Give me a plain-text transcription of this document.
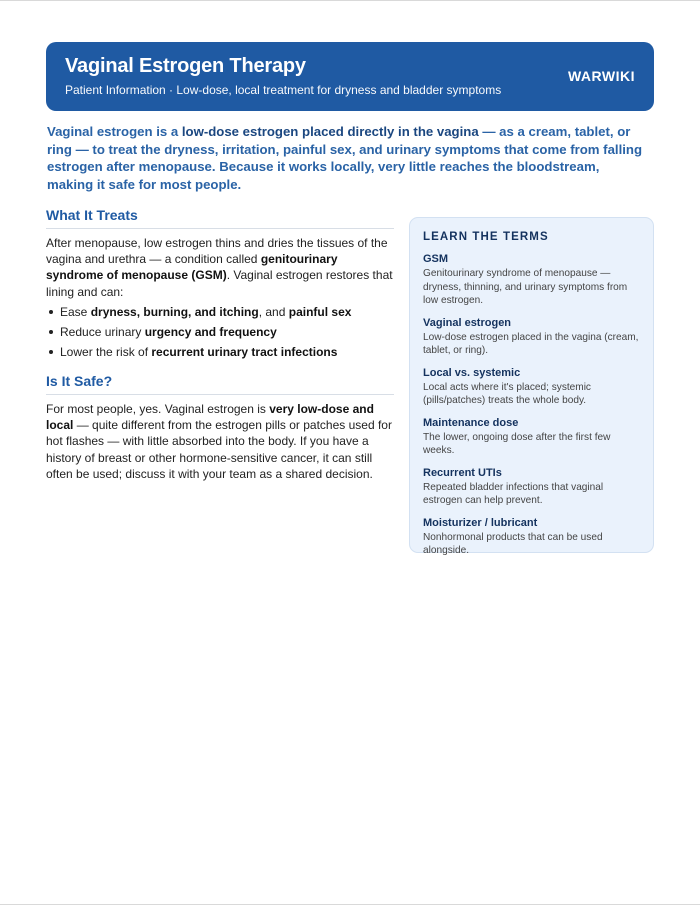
Vaginal Estrogen Therapy
Patient Information · Low-dose, local treatment for dryness and bladder symptoms
WARWIKI

Vaginal estrogen is a low-dose estrogen placed directly in the vagina — as a cream, tablet, or ring — to treat the dryness, irritation, painful sex, and urinary symptoms that come from falling estrogen after menopause. Because it works locally, very little reaches the bloodstream, making it safe for most people.

What It Treats

After menopause, low estrogen thins and dries the tissues of the vagina and urethra — a condition called genitourinary syndrome of menopause (GSM). Vaginal estrogen restores that lining and can:

Ease dryness, burning, and itching, and painful sex
Reduce urinary urgency and frequency
Lower the risk of recurrent urinary tract infections
Is It Safe?

For most people, yes. Vaginal estrogen is very low-dose and local — quite different from the estrogen pills or patches used for hot flashes — with little absorbed into the body. If you have a history of breast or other hormone-sensitive cancer, it can still often be used; discuss it with your team as a shared decision.

LEARN THE TERMS
GSM
Genitourinary syndrome of menopause — dryness, thinning, and urinary symptoms from low estrogen.
Vaginal estrogen
Low-dose estrogen placed in the vagina (cream, tablet, or ring).
Local vs. systemic
Local acts where it's placed; systemic (pills/patches) treats the whole body.
Maintenance dose
The lower, ongoing dose after the first few weeks.
Recurrent UTIs
Repeated bladder infections that vaginal estrogen can help prevent.
Moisturizer / lubricant
Nonhormonal products that can be used alongside.
